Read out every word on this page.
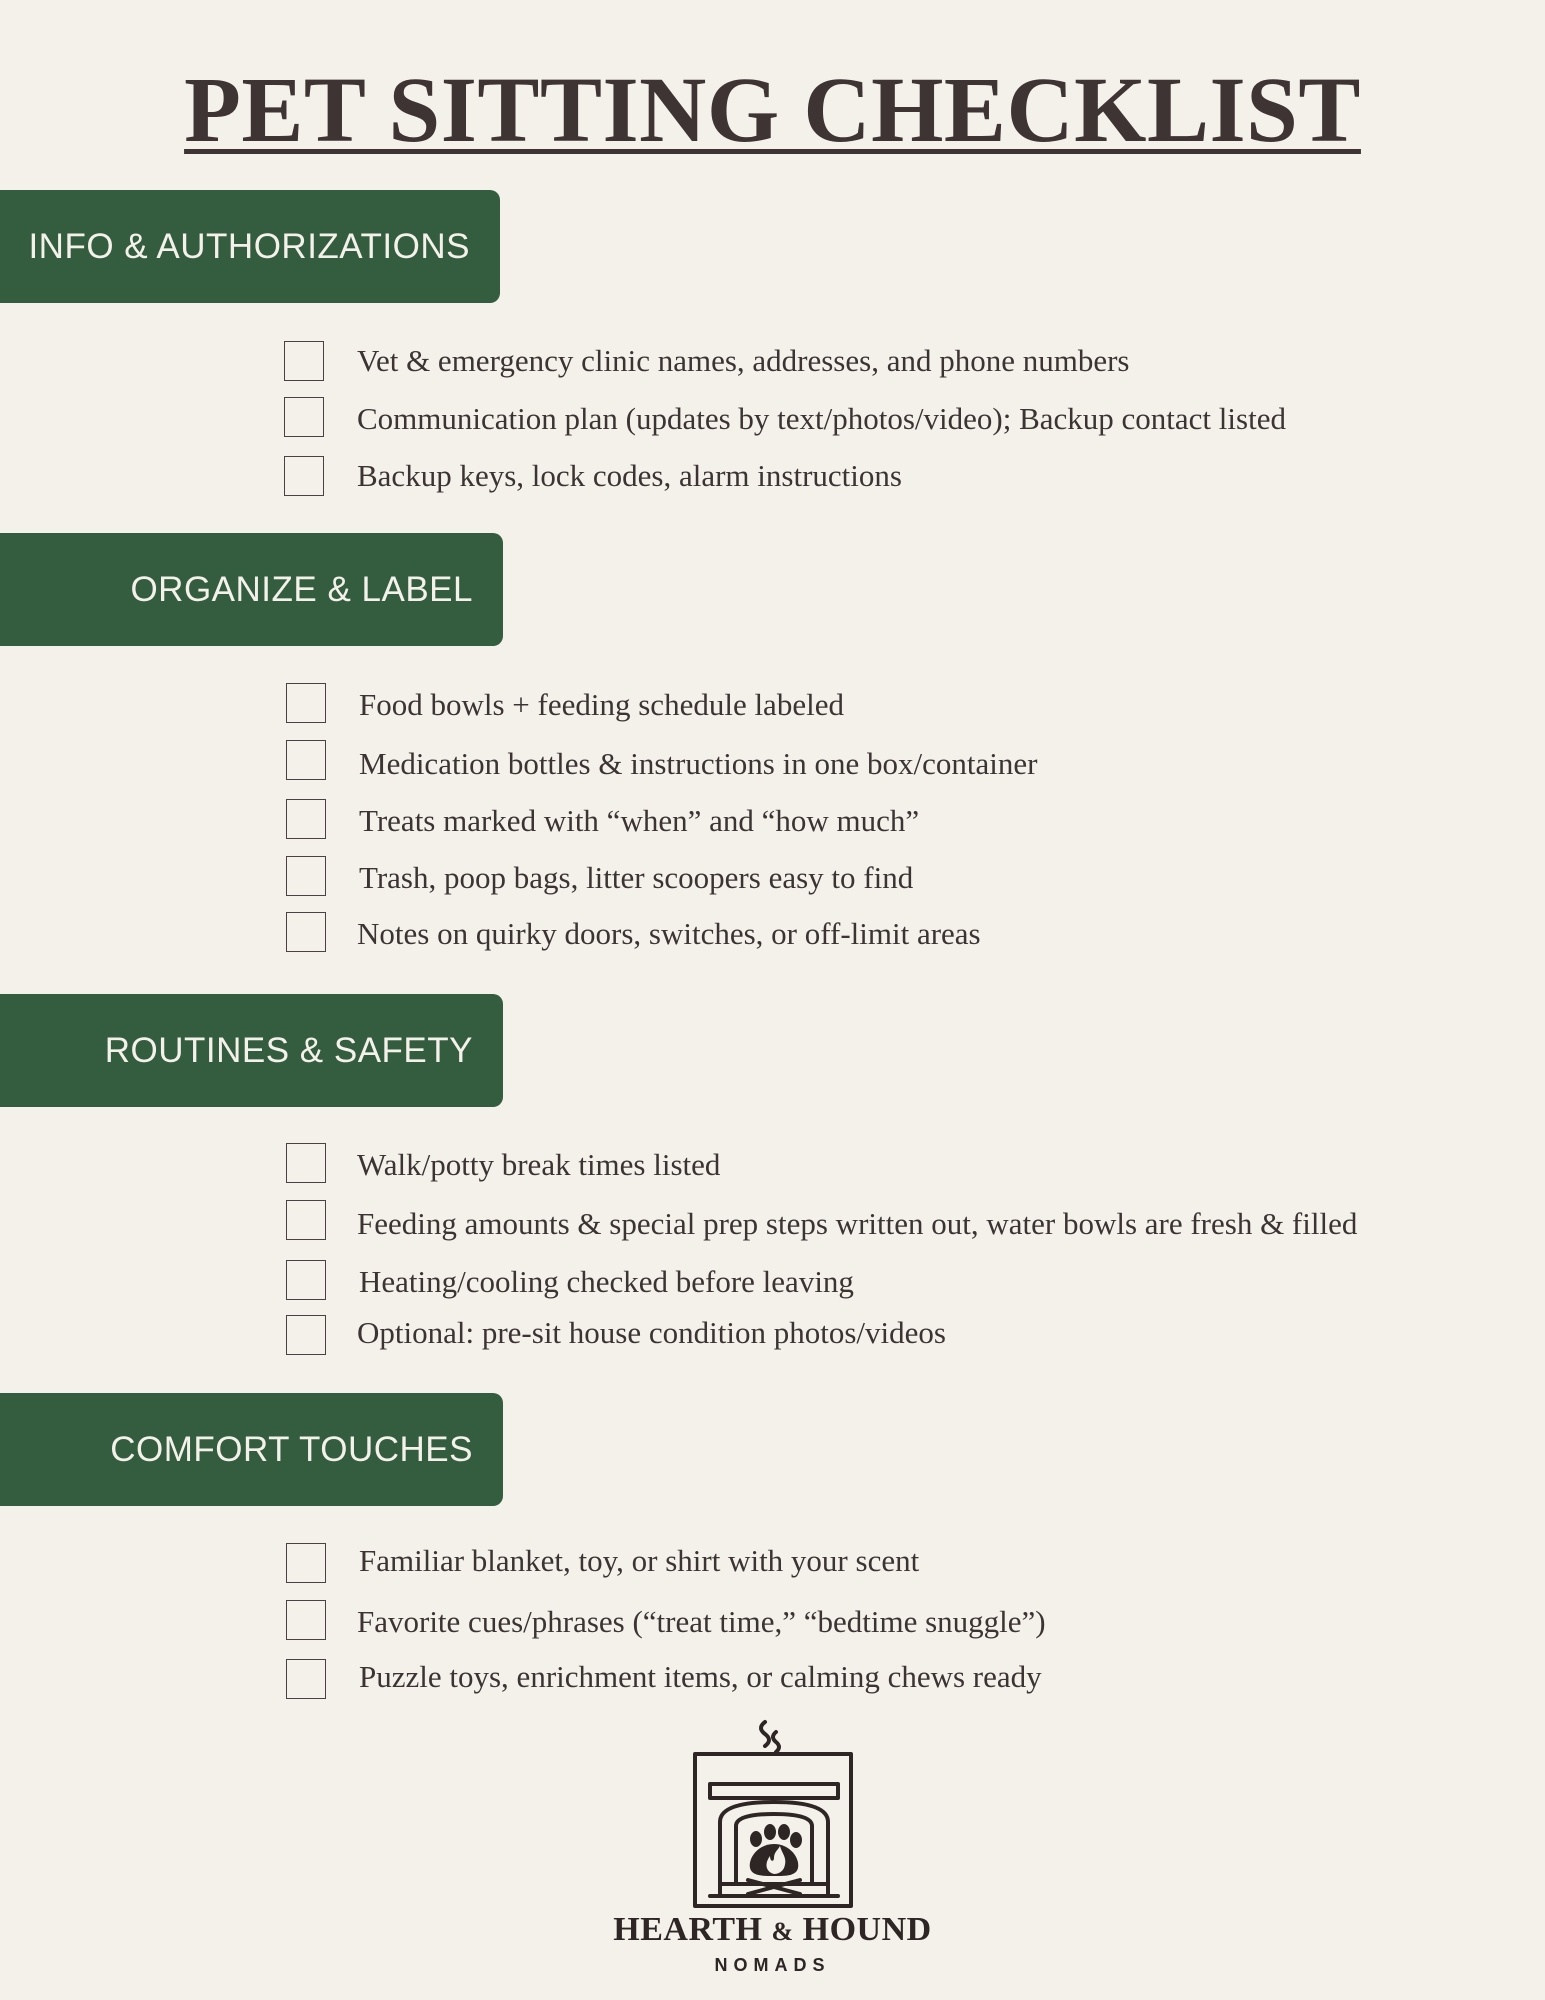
PET SITTING CHECKLIST
INFO & AUTHORIZATIONS
Vet & emergency clinic names, addresses, and phone numbers
Communication plan (updates by text/photos/video); Backup contact listed
Backup keys, lock codes, alarm instructions
ORGANIZE & LABEL
Food bowls + feeding schedule labeled
Medication bottles & instructions in one box/container
Treats marked with “when” and “how much”
Trash, poop bags, litter scoopers easy to find
Notes on quirky doors, switches, or off-limit areas
ROUTINES & SAFETY
Walk/potty break times listed
Feeding amounts & special prep steps written out, water bowls are fresh & filled
Heating/cooling checked before leaving
Optional: pre-sit house condition photos/videos
COMFORT TOUCHES
Familiar blanket, toy, or shirt with your scent
Favorite cues/phrases (“treat time,” “bedtime snuggle”)
Puzzle toys, enrichment items, or calming chews ready
HEARTH & HOUND
NOMADS
